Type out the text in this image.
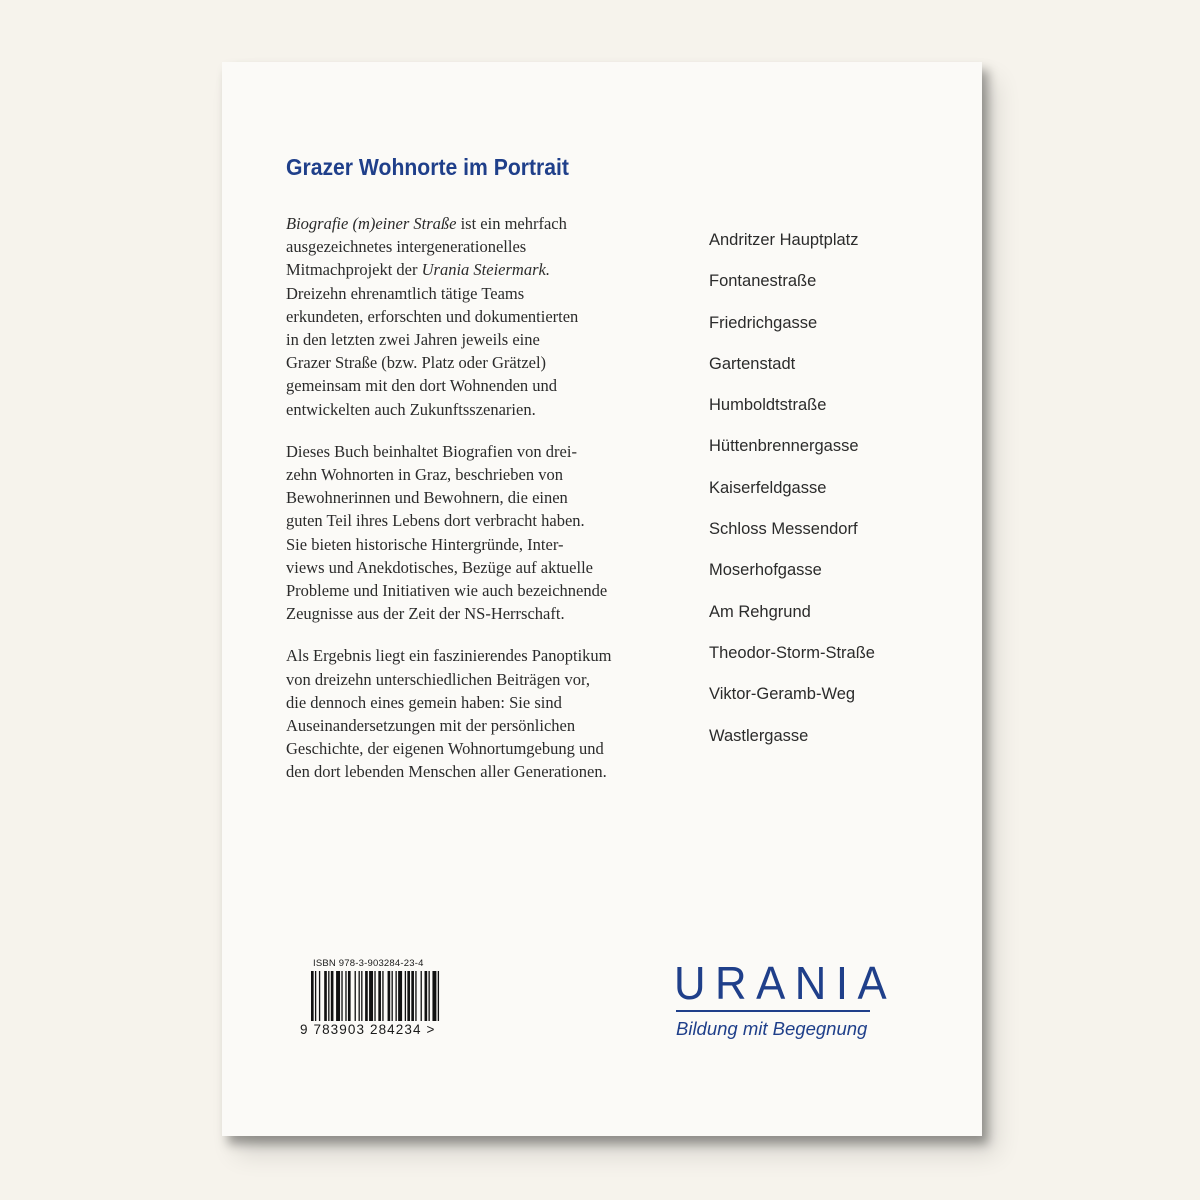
Grazer Wohnorte im Portrait

Biografie (m)einer Straße ist ein mehrfach
ausgezeichnetes intergenerationelles
Mitmachprojekt der Urania Steiermark.
Dreizehn ehrenamtlich tätige Teams
erkundeten, erforschten und dokumentierten
in den letzten zwei Jahren jeweils eine
Grazer Straße (bzw. Platz oder Grätzel)
gemeinsam mit den dort Wohnenden und
entwickelten auch Zukunftsszenarien.

Dieses Buch beinhaltet Biografien von drei-
zehn Wohnorten in Graz, beschrieben von
Bewohnerinnen und Bewohnern, die einen
guten Teil ihres Lebens dort verbracht haben.
Sie bieten historische Hintergründe, Inter-
views und Anekdotisches, Bezüge auf aktuelle
Probleme und Initiativen wie auch bezeichnende
Zeugnisse aus der Zeit der NS-Herrschaft.

Als Ergebnis liegt ein faszinierendes Panoptikum
von dreizehn unterschiedlichen Beiträgen vor,
die dennoch eines gemein haben: Sie sind
Auseinandersetzungen mit der persönlichen
Geschichte, der eigenen Wohnortumgebung und
den dort lebenden Menschen aller Generationen.

Andritzer Hauptplatz
Fontanestraße
Friedrichgasse
Gartenstadt
Humboldtstraße
Hüttenbrennergasse
Kaiserfeldgasse
Schloss Messendorf
Moserhofgasse
Am Rehgrund
Theodor-Storm-Straße
Viktor-Geramb-Weg
Wastlergasse
ISBN 978-3-903284-23-4
9 783903 284234 >
URANIA
Bildung mit Begegnung
